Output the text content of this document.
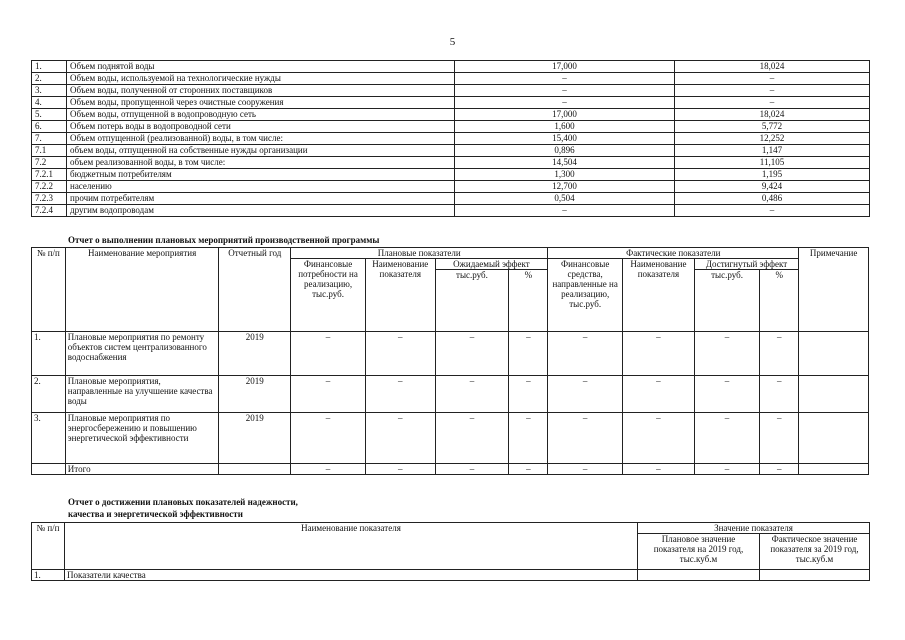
5
1.	Объем поднятой воды	17,000	18,024
2.	Объем воды, используемой на технологические нужды	–	–
3.	Объем воды, полученной от сторонних поставщиков	–	–
4.	Объем воды, пропущенной через очистные сооружения	–	–
5.	Объем воды, отпущенной в водопроводную сеть	17,000	18,024
6.	Объем потерь воды в водопроводной сети	1,600	5,772
7.	Объем отпущенной (реализованной) воды, в том числе:	15,400	12,252
7.1	объем воды, отпущенной на собственные нужды организации	0,896	1,147
7.2	объем реализованной воды, в том числе:	14,504	11,105
7.2.1	бюджетным потребителям	1,300	1,195
7.2.2	населению	12,700	9,424
7.2.3	прочим потребителям	0,504	0,486
7.2.4	другим водопроводам	–	–
Отчет о выполнении плановых мероприятий производственной программы
№ п/п	Наименование мероприятия	Отчетный год	Плановые показатели				Фактические показатели				Примечание
			Финансовые потребности на реализацию, тыс.руб.	Наименование показателя	Ожидаемый эффект		Финансовые средства, направленные на реализацию, тыс.руб.	Наименование показателя	Достигнутый эффект		
					тыс.руб.	%			тыс.руб.	%	
1.	Плановые мероприятия по ремонту объектов систем централизованного водоснабжения	2019	–	–	–	–	–	–	–	–	
2.	Плановые мероприятия, направленные на улучшение качества воды	2019	–	–	–	–	–	–	–	–	
3.	Плановые мероприятия по энергосбережению и повышению энергетической эффективности	2019	–	–	–	–	–	–	–	–	
	Итого		–	–	–	–	–	–	–	–	
Отчет о достижении плановых показателей надежности,
качества и энергетической эффективности
№ п/п	Наименование показателя	Значение показателя	
		Плановое значение показателя на 2019 год, тыс.куб.м	Фактическое значение показателя за 2019 год, тыс.куб.м
1.	Показатели качества		
